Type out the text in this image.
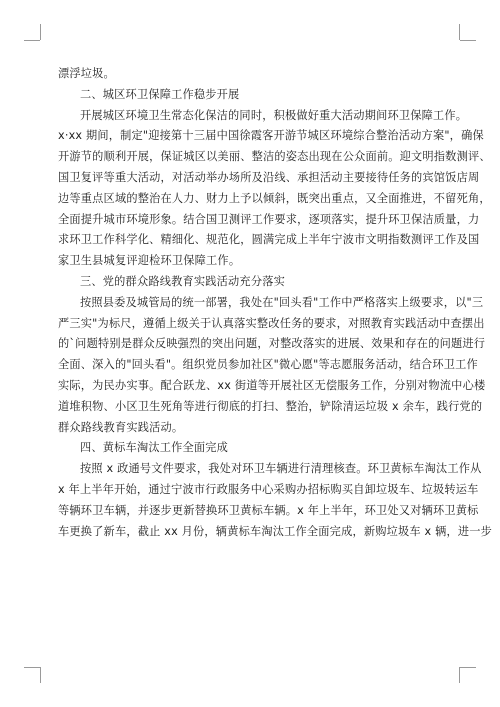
漂浮垃圾。
二、城区环卫保障工作稳步开展
开展城区环境卫生常态化保洁的同时，积极做好重大活动期间环卫保障工作。
x·xx 期间，制定"迎接第十三届中国徐霞客开游节城区环境综合整治活动方案"，确保
开游节的顺利开展，保证城区以美丽、整洁的姿态出现在公众面前。迎文明指数测评、
国卫复评等重大活动，对活动举办场所及沿线、承担活动主要接待任务的宾馆饭店周
边等重点区域的整治在人力、财力上予以倾斜，既突出重点，又全面推进，不留死角，
全面提升城市环境形象。结合国卫测评工作要求，逐项落实，提升环卫保洁质量，力
求环卫工作科学化、精细化、规范化，圆满完成上半年宁波市文明指数测评工作及国
家卫生县城复评迎检环卫保障工作。
三、党的群众路线教育实践活动充分落实
按照县委及城管局的统一部署，我处在"回头看"工作中严格落实上级要求，以"三
严三实"为标尺，遵循上级关于认真落实整改任务的要求，对照教育实践活动中查摆出
的`问题特别是群众反映强烈的突出问题，对整改落实的进展、效果和存在的问题进行
全面、深入的"回头看"。组织党员参加社区"微心愿"等志愿服务活动，结合环卫工作
实际，为民办实事。配合跃龙、xx 街道等开展社区无偿服务工作，分别对物流中心楼
道堆积物、小区卫生死角等进行彻底的打扫、整治，铲除清运垃圾 x 余车，践行党的
群众路线教育实践活动。
四、黄标车淘汰工作全面完成
按照 x 政通号文件要求，我处对环卫车辆进行清理核查。环卫黄标车淘汰工作从
x 年上半年开始，通过宁波市行政服务中心采购办招标购买自卸垃圾车、垃圾转运车
等辆环卫车辆，并逐步更新替换环卫黄标车辆。x 年上半年，环卫处又对辆环卫黄标
车更换了新车，截止 xx 月份，辆黄标车淘汰工作全面完成，新购垃圾车 x 辆，进一步
